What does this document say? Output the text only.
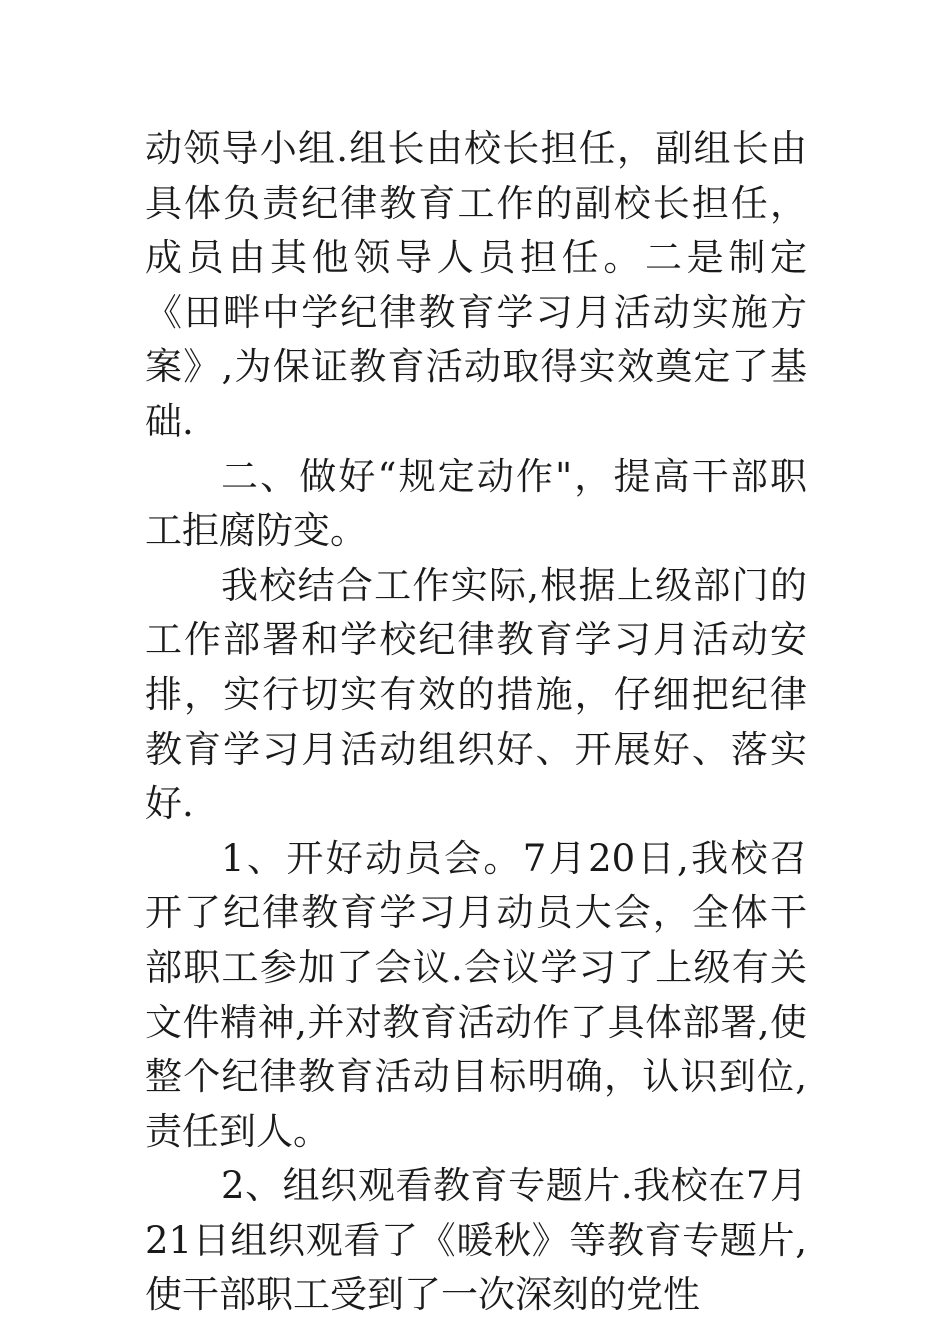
动领导小组.组长由校长担任，副组长由具体负责纪律教育工作的副校长担任，成员由其他领导人员担任。二是制定《田畔中学纪律教育学习月活动实施方案》,为保证教育活动取得实效奠定了基础.

二、做好“规定动作"，提高干部职工拒腐防变。

我校结合工作实际,根据上级部门的工作部署和学校纪律教育学习月活动安排，实行切实有效的措施，仔细把纪律教育学习月活动组织好、开展好、落实好.

1、开好动员会。7月20日,我校召开了纪律教育学习月动员大会，全体干部职工参加了会议.会议学习了上级有关文件精神,并对教育活动作了具体部署,使整个纪律教育活动目标明确，认识到位,责任到人。

2、组织观看教育专题片.我校在7月21日组织观看了《暖秋》等教育专题片,使干部职工受到了一次深刻的党性
